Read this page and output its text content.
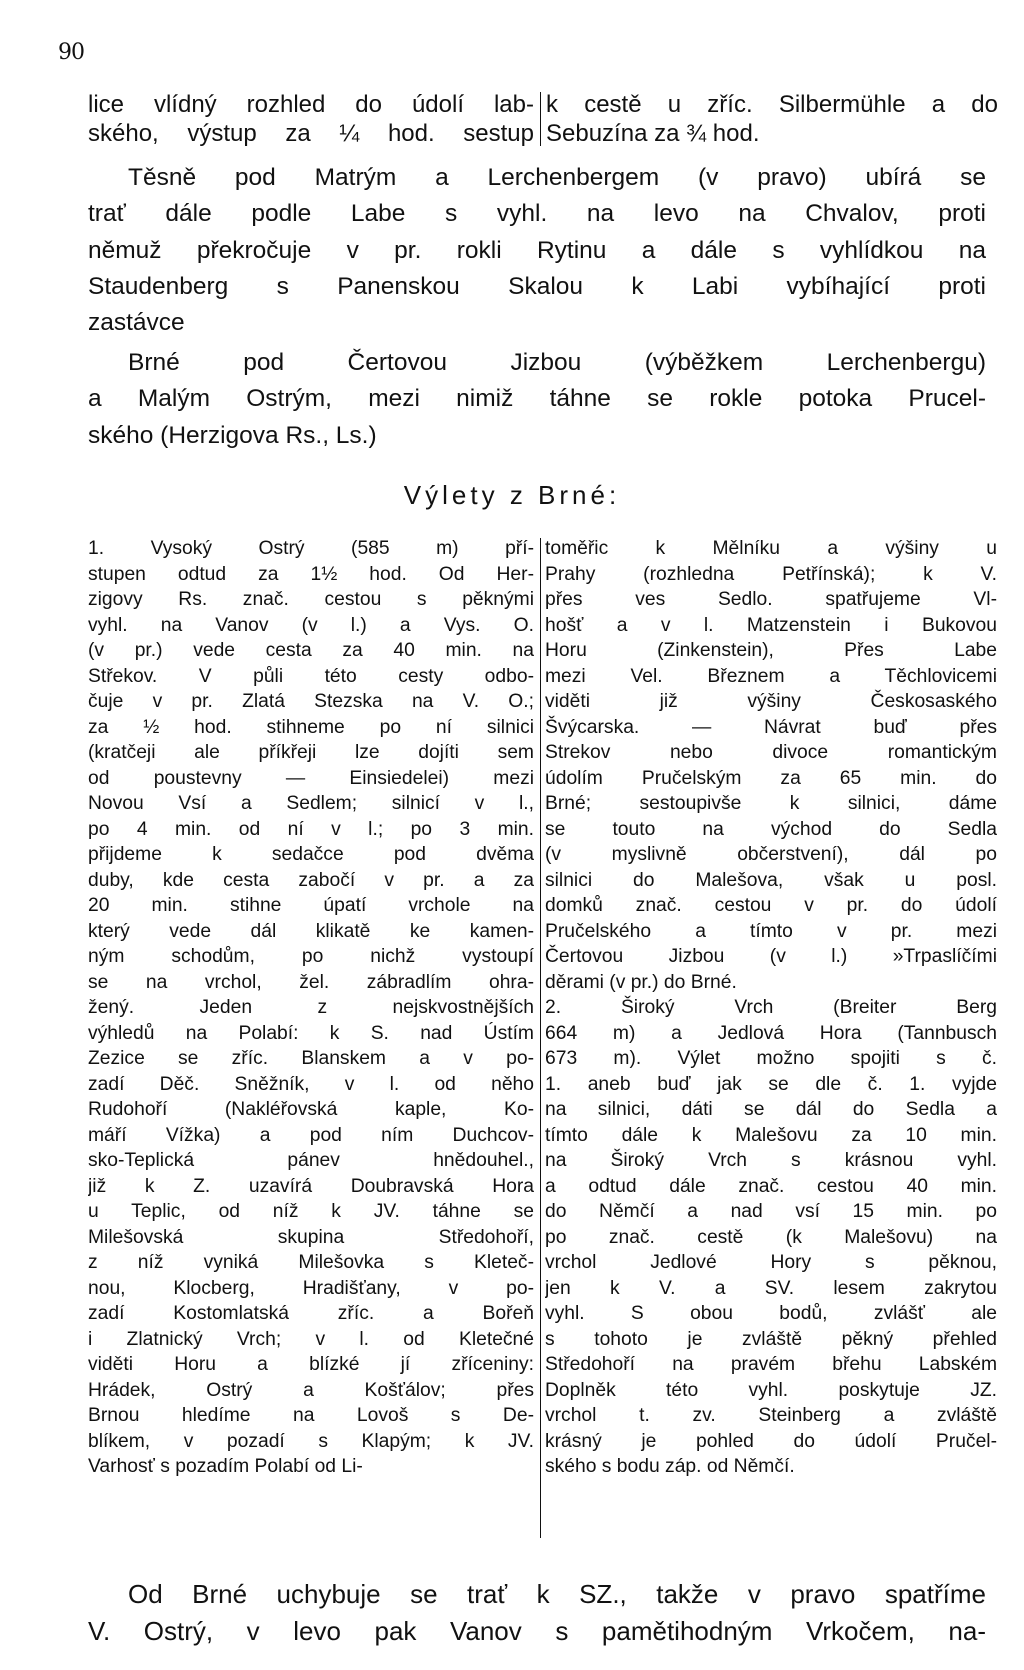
90
lice vlídný rozhled do údolí lab-
ského, výstup za ¼ hod. sestup
k cestě u zříc. Silbermühle a do
Sebuzína za ¾ hod.
Těsně pod Matrým a Lerchenbergem (v pravo) ubírá se
trať dále podle Labe s vyhl. na levo na Chvalov, proti
němuž překročuje v pr. rokli Rytinu a dále s vyhlídkou na
Staudenberg s Panenskou Skalou k Labi vybíhající proti
zastávce
Brné pod Čertovou Jizbou (výběžkem Lerchenbergu)
a Malým Ostrým, mezi nimiž táhne se rokle potoka Prucel-
ského (Herzigova Rs., Ls.)
Výlety z Brné:
1. Vysoký Ostrý (585 m) pří-
stupen odtud za 1½ hod. Od Her-
zigovy Rs. znač. cestou s pěknými
vyhl. na Vanov (v l.) a Vys. O.
(v pr.) vede cesta za 40 min. na
Střekov. V půli této cesty odbo-
čuje v pr. Zlatá Stezska na V. O.;
za ½ hod. stihneme po ní silnici
(kratčeji ale příkřeji lze dojíti sem
od poustevny — Einsiedelei) mezi
Novou Vsí a Sedlem; silnicí v l.,
po 4 min. od ní v l.; po 3 min.
přijdeme k sedačce pod dvěma
duby, kde cesta zabočí v pr. a za
20 min. stihne úpatí vrchole na
který vede dál klikatě ke kamen-
ným schodům, po nichž vystoupí
se na vrchol, žel. zábradlím ohra-
žený. Jeden z nejskvostnějších
výhledů na Polabí: k S. nad Ústím
Zezice se zříc. Blanskem a v po-
zadí Děč. Sněžník, v l. od něho
Rudohoří (Nakléřovská kaple, Ko-
máří Vížka) a pod ním Duchcov-
sko-Teplická pánev hnědouhel.,
již k Z. uzavírá Doubravská Hora
u Teplic, od níž k JV. táhne se
Milešovská skupina Středohoří,
z níž vyniká Milešovka s Kleteč-
nou, Klocberg, Hradišťany, v po-
zadí Kostomlatská zříc. a Bořeň
i Zlatnický Vrch; v l. od Kletečné
viděti Horu a blízké jí zříceniny:
Hrádek, Ostrý a Košťálov; přes
Brnou hledíme na Lovoš s De-
blíkem, v pozadí s Klapým; k JV.
Varhosť s pozadím Polabí od Li-
toměřic k Mělníku a výšiny u
Prahy (rozhledna Petřínská); k V.
přes ves Sedlo. spatřujeme Vl-
hošť a v l. Matzenstein i Bukovou
Horu (Zinkenstein), Přes Labe
mezi Vel. Březnem a Těchlovicemi
viděti již výšiny Českosaského
Švýcarska. — Návrat buď přes
Strekov nebo divoce romantickým
údolím Pručelským za 65 min. do
Brné; sestoupivše k silnici, dáme
se touto na východ do Sedla
(v myslivně občerstvení), dál po
silnici do Malešova, však u posl.
domků znač. cestou v pr. do údolí
Pručelského a tímto v pr. mezi
Čertovou Jizbou (v l.) »Trpaslíčími
děrami (v pr.) do Brné.
2. Široký Vrch (Breiter Berg
664 m) a Jedlová Hora (Tannbusch
673 m). Výlet možno spojiti s č.
1. aneb buď jak se dle č. 1. vyjde
na silnici, dáti se dál do Sedla a
tímto dále k Malešovu za 10 min.
na Široký Vrch s krásnou vyhl.
a odtud dále znač. cestou 40 min.
do Němčí a nad vsí 15 min. po
po znač. cestě (k Malešovu) na
vrchol Jedlové Hory s pěknou,
jen k V. a SV. lesem zakrytou
vyhl. S obou bodů, zvlášť ale
s tohoto je zvláště pěkný přehled
Středohoří na pravém břehu Labském
Doplněk této vyhl. poskytuje JZ.
vrchol t. zv. Steinberg a zvláště
krásný je pohled do údolí Pručel-
ského s bodu záp. od Němčí.
Od Brné uchybuje se trať k SZ., takže v pravo spatříme
V. Ostrý, v levo pak Vanov s pamětihodným Vrkočem, na-
